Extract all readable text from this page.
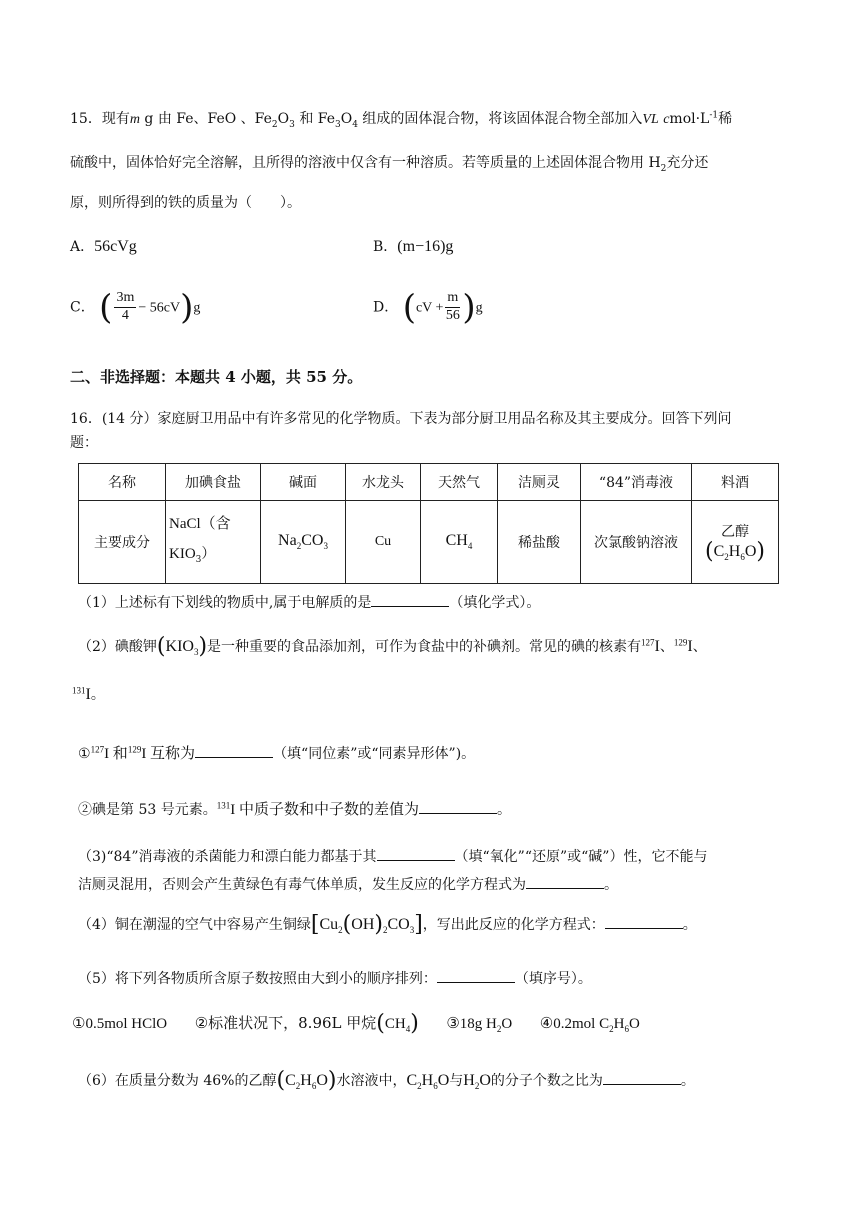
15．现有m g 由 Fe、FeO 、$Fe_2O_3$ 和 $Fe_3O_4$ 组成的固体混合物，将该固体混合物全部加入VL $cmol\cdot L^{-1}$稀
硫酸中，固体恰好完全溶解，且所得的溶液中仅含有一种溶质。若等质量的上述固体混合物用 $H_2$充分还
原，则所得到的铁的质量为（　　）。
A．56cVg	B．(m−16)g
C． ( $\frac{3m}{4} - 56cV)g$	D． $(cV + \frac{m}{56} )g$
二、非选择题：本题共 4 小题，共 55 分。
16．(14 分）家庭厨卫用品中有许多常见的化学物质。下表为部分厨卫用品名称及其主要成分。回答下列问
题：
名称	加碘食盐	碱面	水龙头	天然气	洁厕灵	“84”消毒液	料酒
主要成分	NaCl（含
$KIO_3$）	$Na_2CO_3$	Cu	$CH_4$	稀盐酸	次氯酸钠溶液	乙醇$(C_2H_6O)$
（1）上述标有下划线的物质中,属于电解质的是	（填化学式）。
（2）碘酸钾$(KIO_3)$是一种重要的食品添加剂，可作为食盐中的补碘剂。常见的碘的核素有$^{127}$I、$^{129}$I、
$^{131}$I。
①$^{127}$I 和$^{129}$I 互称为	（填“同位素”或“同素异形体”)。
②碘是第 53 号元素。$^{131}$I 中质子数和中子数的差值为	。
（3)“84”消毒液的杀菌能力和漂白能力都基于其	（填“氧化”“还原”或“碱”）性，它不能与
洁厕灵混用，否则会产生黄绿色有毒气体单质，发生反应的化学方程式为	。
（4）铜在潮湿的空气中容易产生铜绿$[Cu_2(OH)_2CO_3]$，写出此反应的化学方程式：	。
（5）将下列各物质所含原子数按照由大到小的顺序排列：	（填序号）。
①0.5mol HClO ②标准状况下，8.96L 甲烷$(CH_4)$ ③18g $H_2O$ ④0.2mol $C_2H_6O$
（6）在质量分数为 46%的乙醇$(C_2H_6O)$水溶液中，$C_2H_6O$与$H_2O$的分子个数之比为	。
